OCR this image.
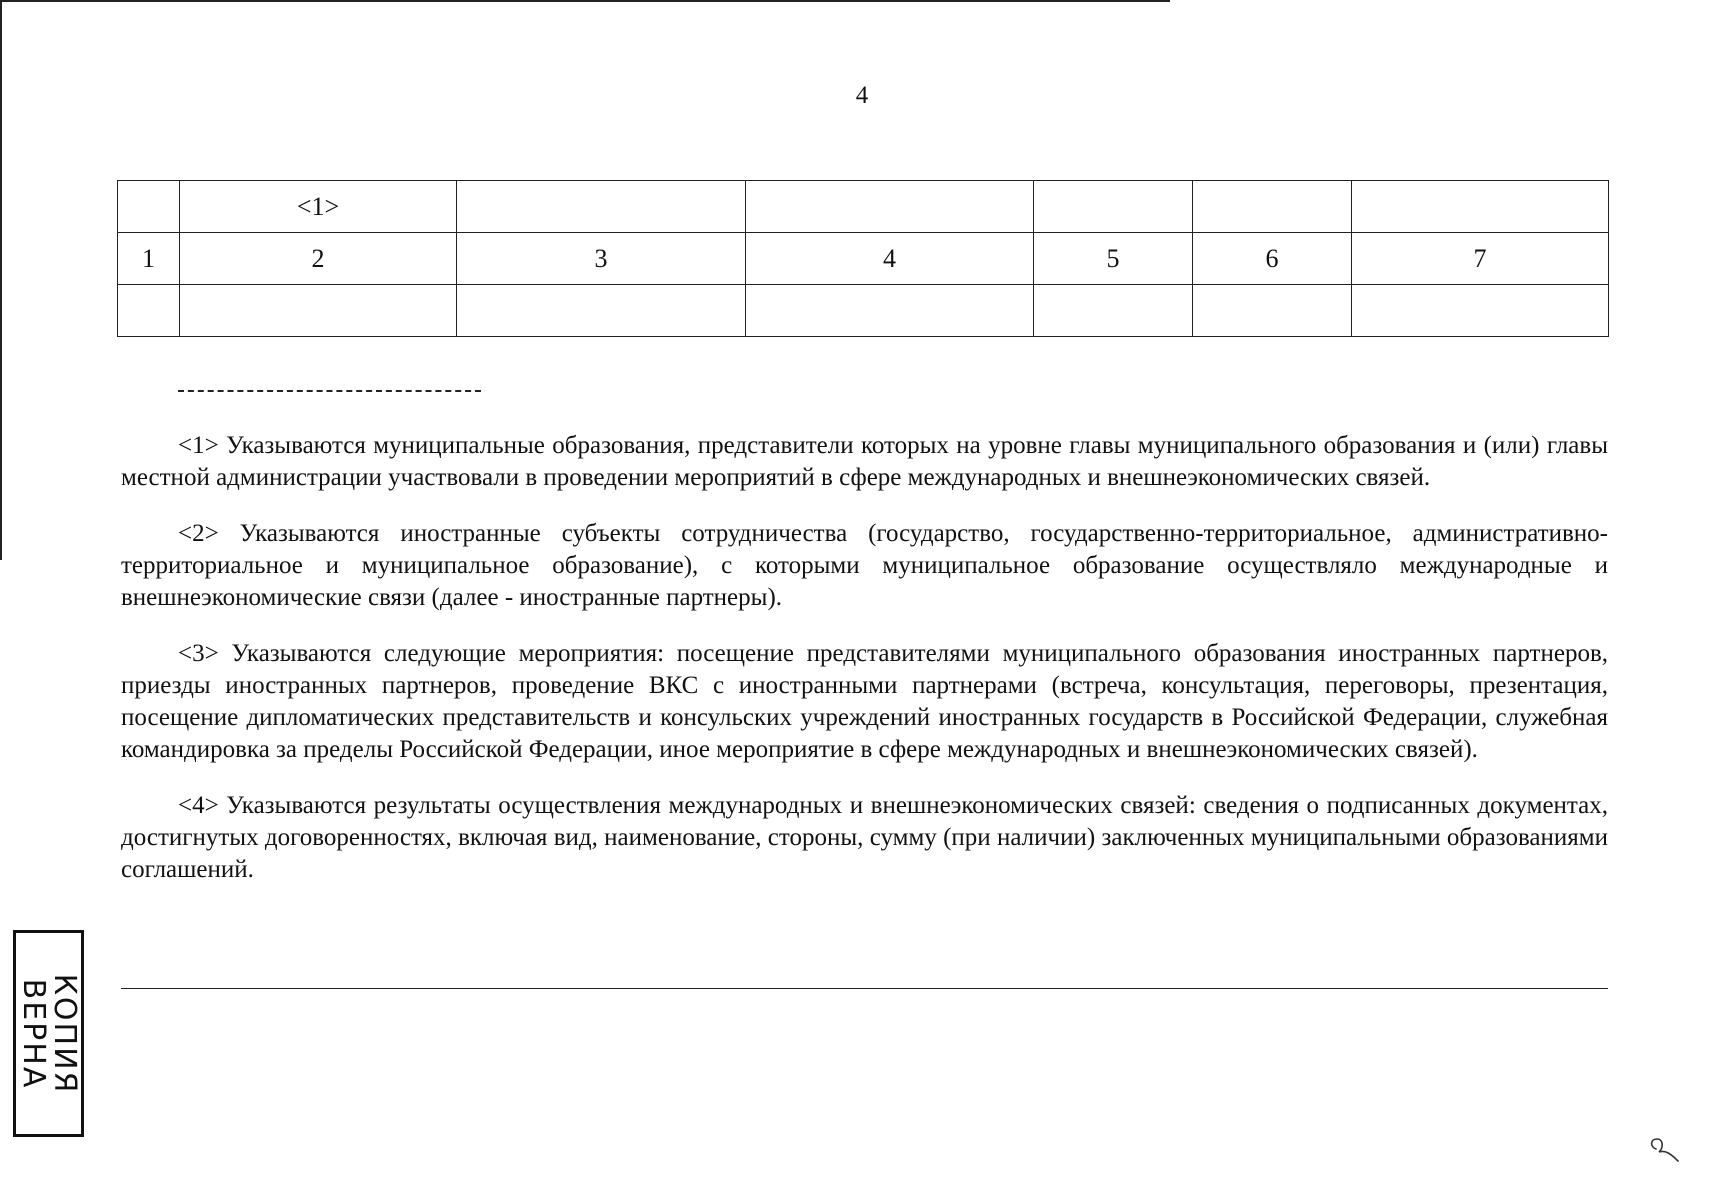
4
	<1>					
1	2	3	4	5	6	7

<1> Указываются муниципальные образования, представители которых на уровне главы муниципального образования и (или) главы местной администрации участвовали в проведении мероприятий в сфере международных и внешнеэкономических связей.

<2> Указываются иностранные субъекты сотрудничества (государство, государственно-территориальное, административно-территориальное и муниципальное образование), с которыми муниципальное образование осуществляло международные и внешнеэкономические связи (далее - иностранные партнеры).

<3> Указываются следующие мероприятия: посещение представителями муниципального образования иностранных партнеров, приезды иностранных партнеров, проведение ВКС с иностранными партнерами (встреча, консультация, переговоры, презентация, посещение дипломатических представительств и консульских учреждений иностранных государств в Российской Федерации, служебная командировка за пределы Российской Федерации, иное мероприятие в сфере международных и внешнеэкономических связей).

<4> Указываются результаты осуществления международных и внешнеэкономических связей: сведения о подписанных документах, достигнутых договоренностях, включая вид, наименование, стороны, сумму (при наличии) заключенных муниципальными образованиями соглашений.

КОПИЯ
ВЕРНА
